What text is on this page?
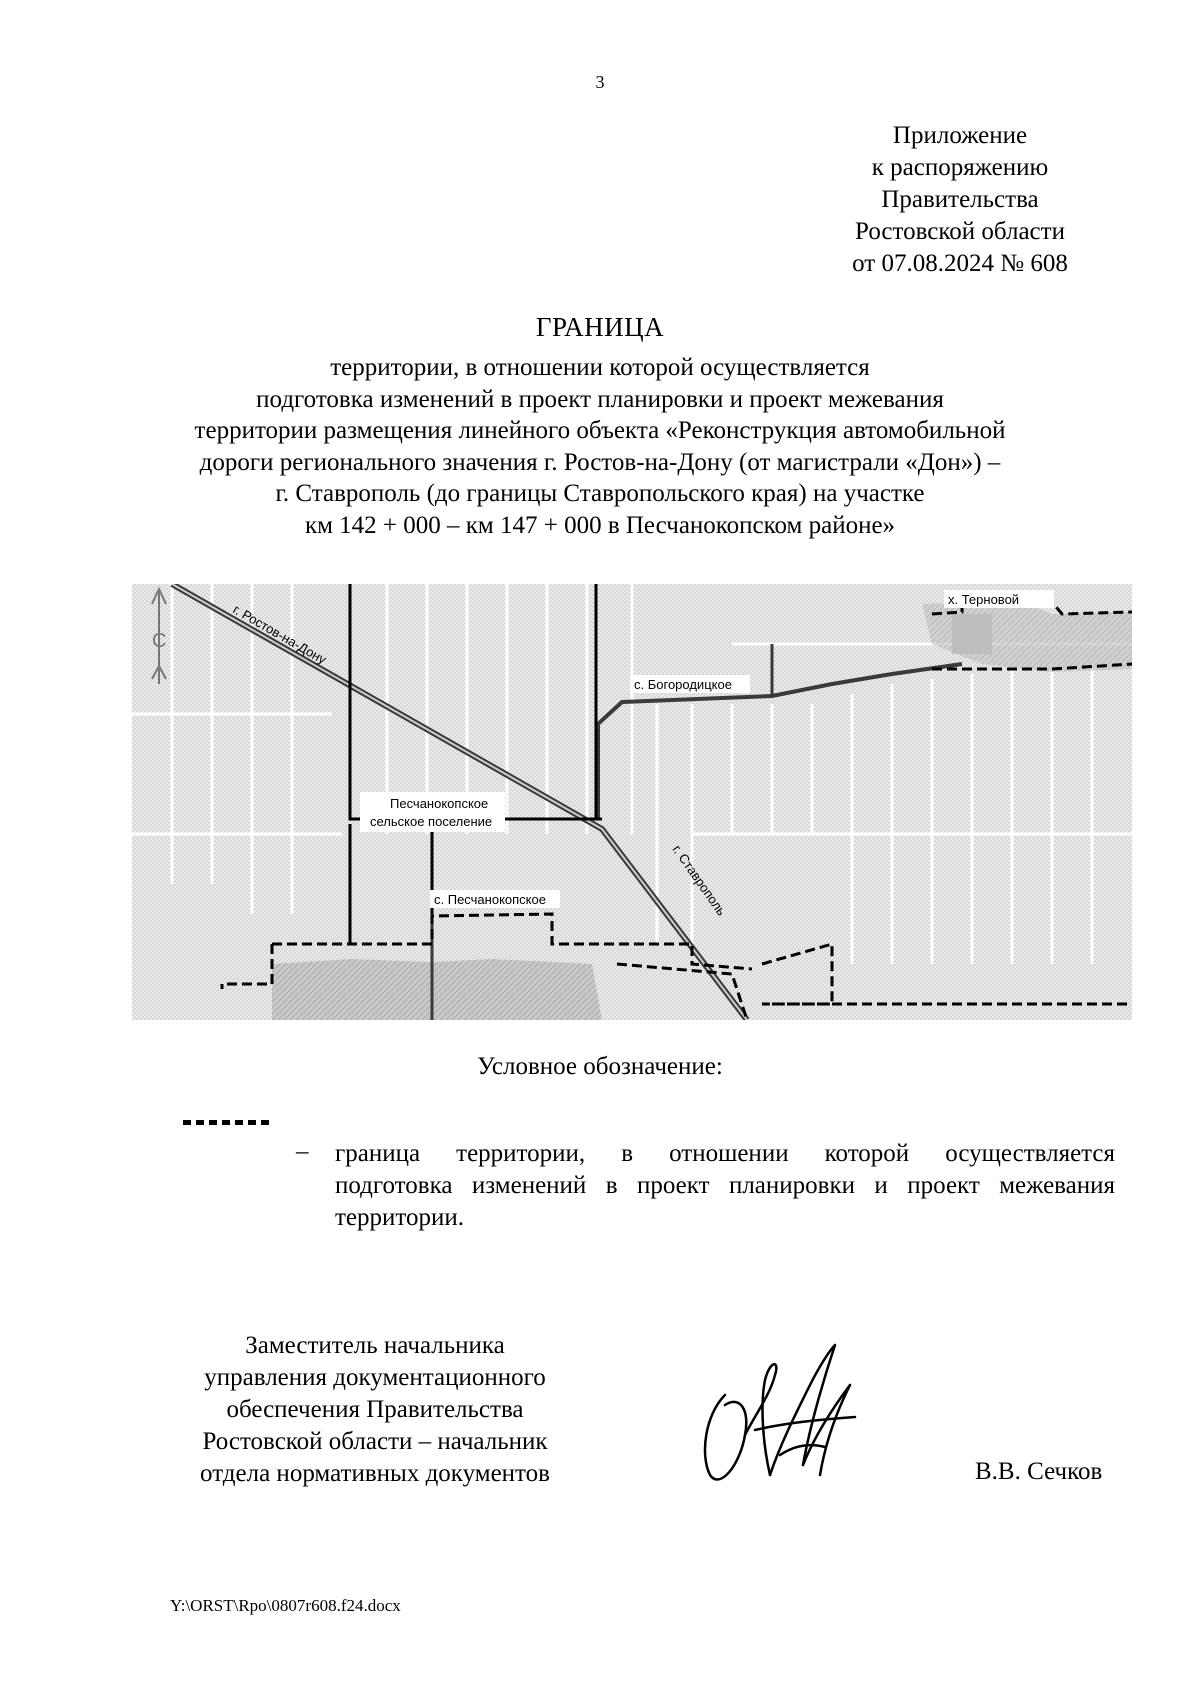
3
Приложение
к распоряжению
Правительства
Ростовской области
от 07.08.2024 № 608
ГРАНИЦА
территории, в отношении которой осуществляется
подготовка изменений в проект планировки и проект межевания
территории размещения линейного объекта «Реконструкция автомобильной
дороги регионального значения г. Ростов-на-Дону (от магистрали «Дон») –
г. Ставрополь (до границы Ставропольского края) на участке
км 142 + 000 – км 147 + 000 в Песчанокопском районе»
С	г. Ростов-на-Дону
г. Ставрополь
х. Терновой
с. Богородицкое
Песчанокопское
сельское поселение
с. Песчанокопское
Условное обозначение:
– граница территории, в отношении которой осуществляется
подготовка изменений в проект планировки и проект межевания
территории.
Заместитель начальника
управления документационного
обеспечения Правительства
Ростовской области – начальник
отдела нормативных документов	В.В. Сечков
Y:\ORST\Rpo\0807r608.f24.docx
